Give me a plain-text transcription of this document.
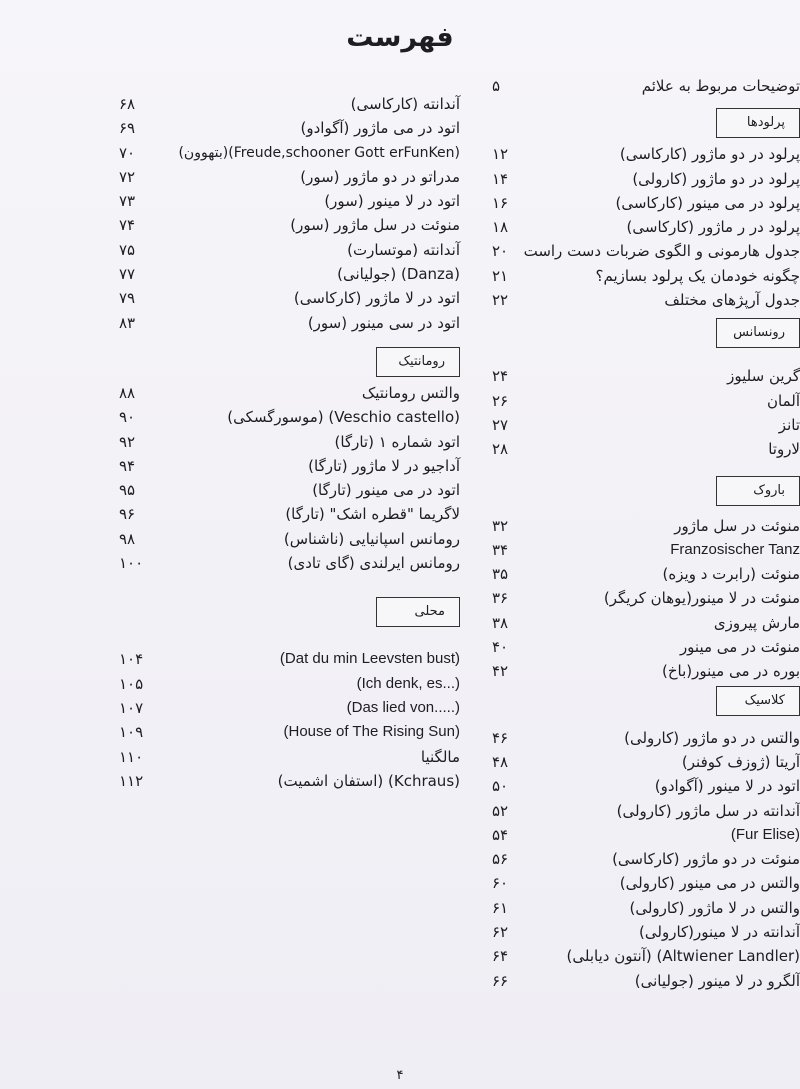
فهرست
توضیحات مربوط به علائم
۵
پرلودها
پرلود در دو ماژور (کارکاسی)
۱۲
پرلود در دو ماژور (کارولی)
۱۴
پرلود در می مینور (کارکاسی)
۱۶
پرلود در ر ماژور (کارکاسی)
۱۸
جدول هارمونی و الگوی ضربات دست راست
۲۰
چگونه خودمان یک پرلود بسازیم؟
۲۱
جدول آرپژهای مختلف
۲۲
رونسانس
گرین سلیوز
۲۴
آلمان
۲۶
تانز
۲۷
لاروتا
۲۸
باروک
منوئت در سل ماژور
۳۲
Franzosischer Tanz
۳۴
منوئت (رابرت د ویزه)
۳۵
منوئت در لا مینور(یوهان کریگر)
۳۶
مارش پیروزی
۳۸
منوئت در می مینور
۴۰
بوره در می مینور(باخ)
۴۲
کلاسیک
والتس در دو ماژور (کارولی)
۴۶
آریتا (ژوزف کوفنر)
۴۸
اتود در لا مینور (آگوادو)
۵۰
آندانته در سل ماژور (کارولی)
۵۲
(Fur Elise)
۵۴
منوئت در دو ماژور (کارکاسی)
۵۶
والتس در می مینور (کارولی)
۶۰
والتس در لا ماژور (کارولی)
۶۱
آندانته در لا مینور(کارولی)
۶۲
(Altwiener Landler) (آنتون دیابلی)
۶۴
آلگرو در لا مینور (جولیانی)
۶۶
آندانته (کارکاسی)
۶۸
اتود در می ماژور (آگوادو)
۶۹
(Freude,schooner Gott erFunKen)(بتهوون)
۷۰
مدراتو در دو ماژور (سور)
۷۲
اتود در لا مینور (سور)
۷۳
منوئت در سل ماژور (سور)
۷۴
آندانته (موتسارت)
۷۵
(Danza) (جولیانی)
۷۷
اتود در لا ماژور (کارکاسی)
۷۹
اتود در سی مینور (سور)
۸۳
رومانتیک
والتس رومانتیک
۸۸
(Veschio castello) (موسورگسکی)
۹۰
اتود شماره ۱ (تارگا)
۹۲
آداجیو در لا ماژور (تارگا)
۹۴
اتود در می مینور (تارگا)
۹۵
لاگریما "قطره اشک" (تارگا)
۹۶
رومانس اسپانیایی (ناشناس)
۹۸
رومانس ایرلندی (گای تادی)
۱۰۰
محلی
(Dat du min Leevsten bust)
۱۰۴
(...Ich denk, es)
۱۰۵
(.....Das lied von)
۱۰۷
(House of The Rising Sun)
۱۰۹
مالگنیا
۱۱۰
(Kchraus) (استفان اشمیت)
۱۱۲
۴
